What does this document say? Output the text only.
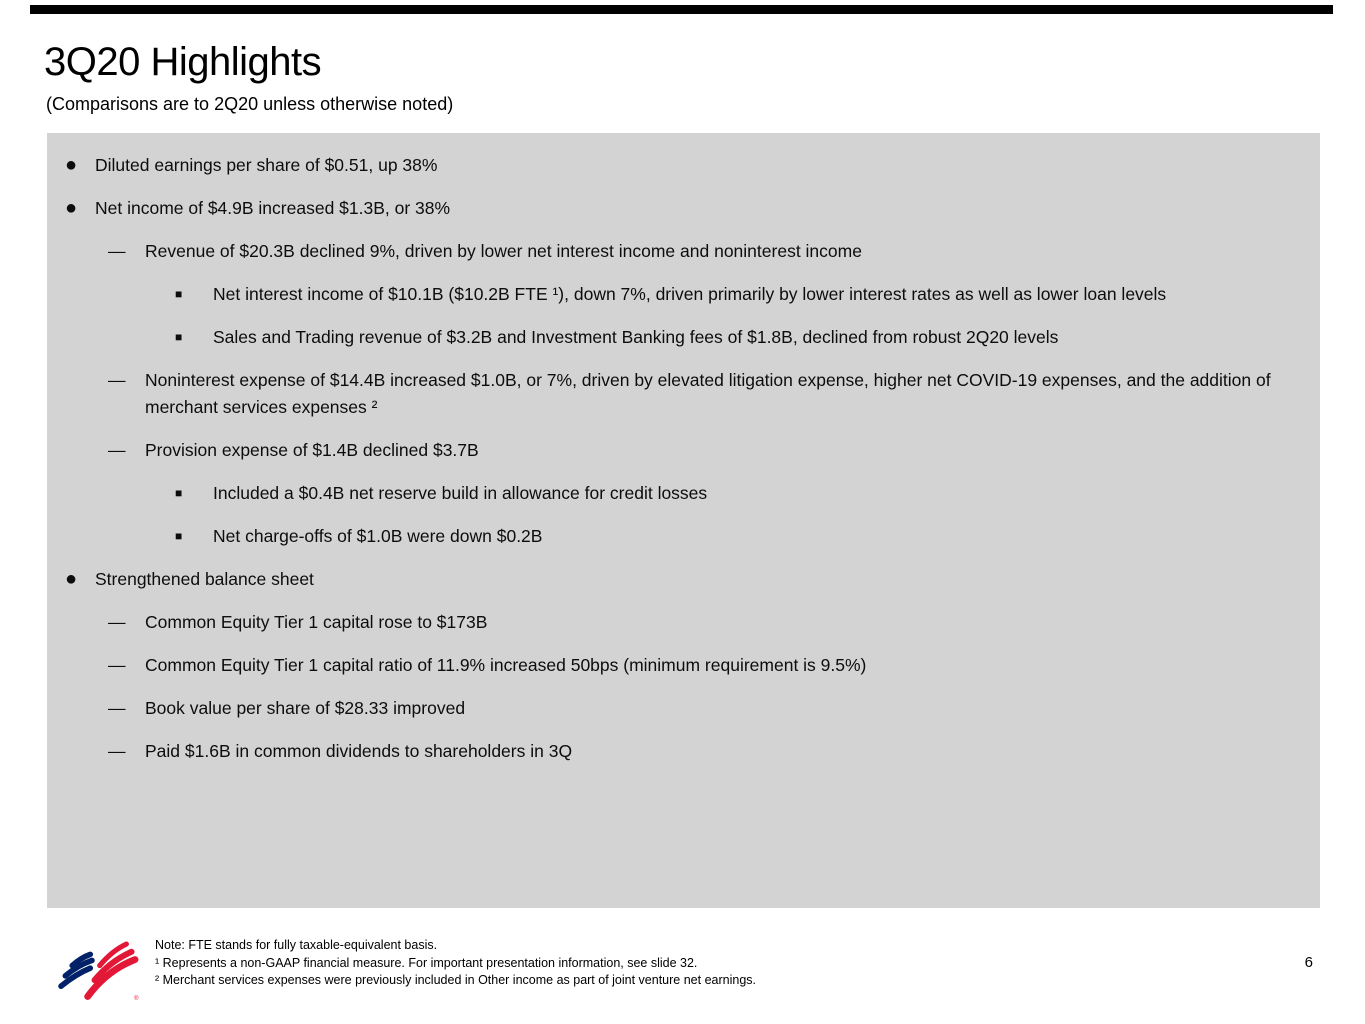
3Q20 Highlights
(Comparisons are to 2Q20 unless otherwise noted)
●	Diluted earnings per share of $0.51, up 38%
●	Net income of $4.9B increased $1.3B, or 38%
—	Revenue of $20.3B declined 9%, driven by lower net interest income and noninterest income
■	Net interest income of $10.1B ($10.2B FTE ¹), down 7%, driven primarily by lower interest rates as well as lower loan levels
■	Sales and Trading revenue of $3.2B and Investment Banking fees of $1.8B, declined from robust 2Q20 levels
—	Noninterest expense of $14.4B increased $1.0B, or 7%, driven by elevated litigation expense, higher net COVID-19 expenses, and the addition of merchant services expenses ²
—	Provision expense of $1.4B declined $3.7B
■	Included a $0.4B net reserve build in allowance for credit losses
■	Net charge-offs of $1.0B were down $0.2B
●	Strengthened balance sheet
—	Common Equity Tier 1 capital rose to $173B
—	Common Equity Tier 1 capital ratio of 11.9% increased 50bps (minimum requirement is 9.5%)
—	Book value per share of $28.33 improved
—	Paid $1.6B in common dividends to shareholders in 3Q
®
Note: FTE stands for fully taxable-equivalent basis.
¹ Represents a non-GAAP financial measure. For important presentation information, see slide 32.
² Merchant services expenses were previously included in Other income as part of joint venture net earnings.
6
